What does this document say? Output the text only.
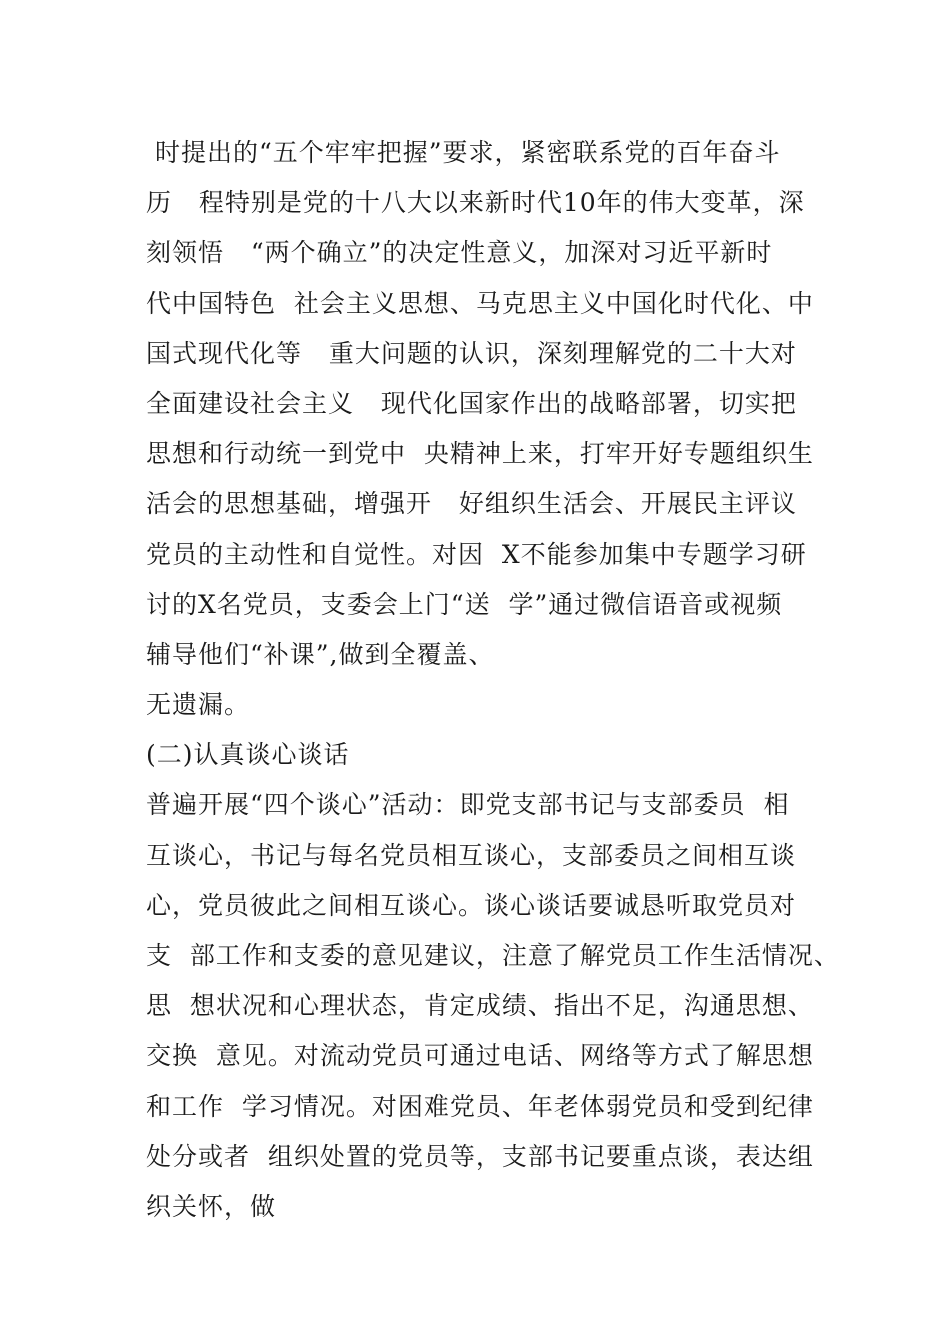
时提出的“五个牢牢把握”要求，紧密联系党的百年奋斗
历   程特别是党的十八大以来新时代10年的伟大变革，深
刻领悟   “两个确立”的决定性意义，加深对习近平新时
代中国特色  社会主义思想、马克思主义中国化时代化、中
国式现代化等   重大问题的认识，深刻理解党的二十大对
全面建设社会主义   现代化国家作出的战略部署，切实把
思想和行动统一到党中  央精神上来，打牢开好专题组织生
活会的思想基础，增强开   好组织生活会、开展民主评议
党员的主动性和自觉性。对因  X不能参加集中专题学习研
讨的X名党员，支委会上门“送  学”通过微信语音或视频
辅导他们“补课”,做到全覆盖、
无遗漏。
(二)认真谈心谈话
普遍开展“四个谈心”活动：即党支部书记与支部委员  相
互谈心，书记与每名党员相互谈心，支部委员之间相互谈
心，党员彼此之间相互谈心。谈心谈话要诚恳听取党员对
支  部工作和支委的意见建议，注意了解党员工作生活情况、
思  想状况和心理状态，肯定成绩、指出不足，沟通思想、
交换  意见。对流动党员可通过电话、网络等方式了解思想
和工作  学习情况。对困难党员、年老体弱党员和受到纪律
处分或者  组织处置的党员等，支部书记要重点谈，表达组
织关怀，做
